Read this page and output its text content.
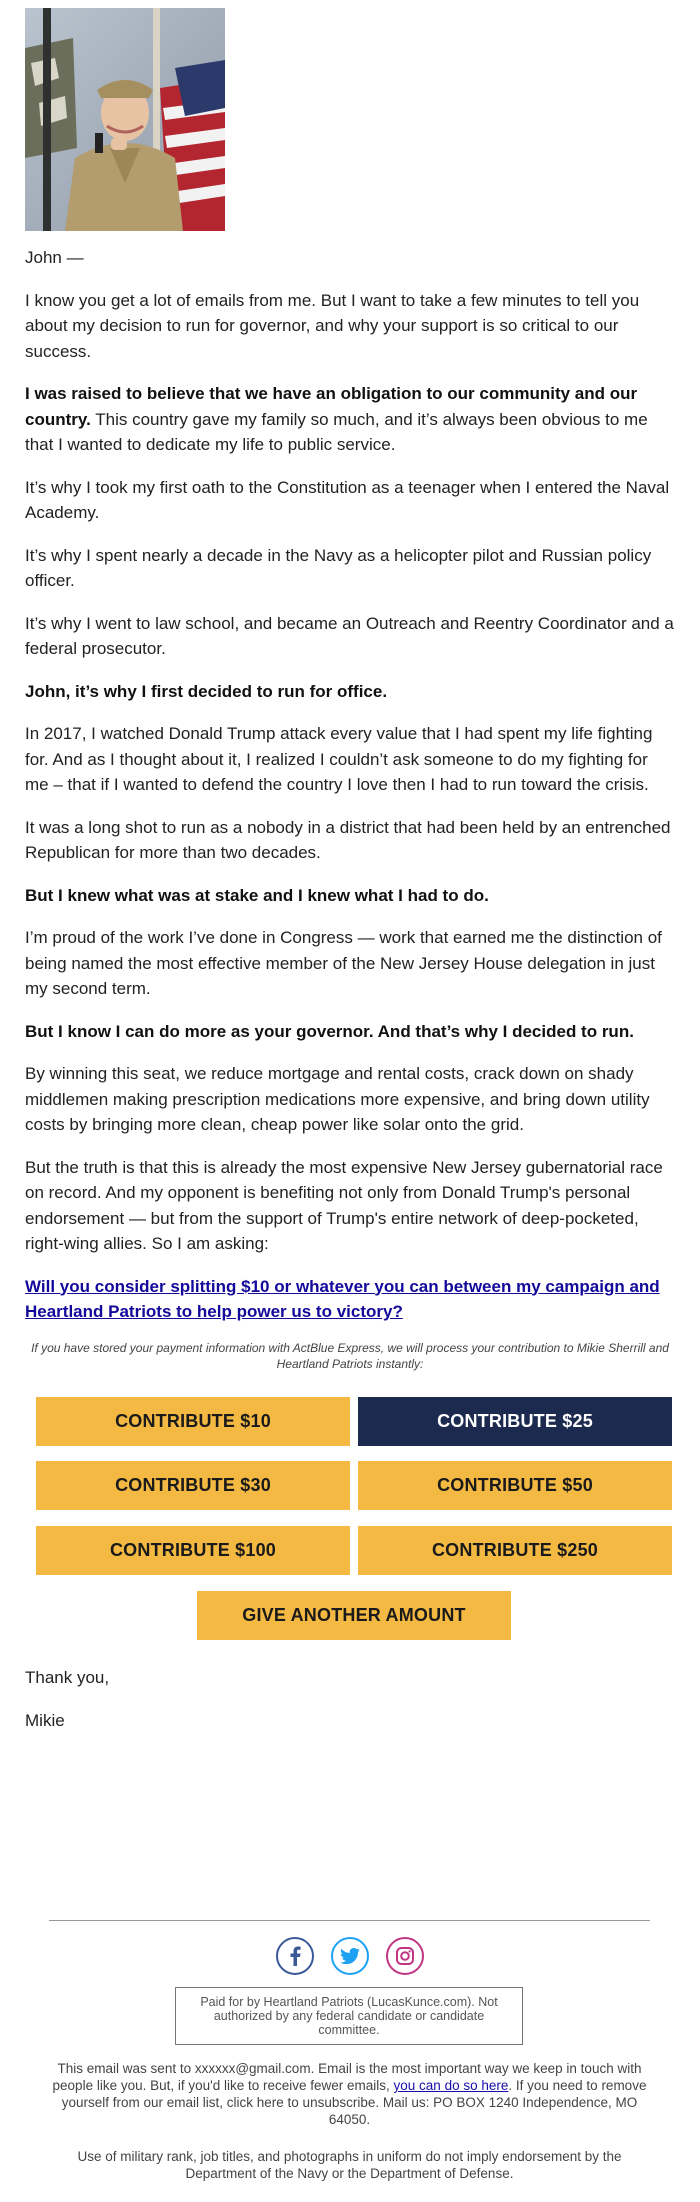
John —

I know you get a lot of emails from me. But I want to take a few minutes to tell you about my decision to run for governor, and why your support is so critical to our success.

I was raised to believe that we have an obligation to our community and our country. This country gave my family so much, and it’s always been obvious to me that I wanted to dedicate my life to public service.

It’s why I took my first oath to the Constitution as a teenager when I entered the Naval Academy.

It’s why I spent nearly a decade in the Navy as a helicopter pilot and Russian policy officer.

It’s why I went to law school, and became an Outreach and Reentry Coordinator and a federal prosecutor.

John, it’s why I first decided to run for office.

In 2017, I watched Donald Trump attack every value that I had spent my life fighting for. And as I thought about it, I realized I couldn’t ask someone to do my fighting for me – that if I wanted to defend the country I love then I had to run toward the crisis.

It was a long shot to run as a nobody in a district that had been held by an entrenched Republican for more than two decades.

But I knew what was at stake and I knew what I had to do.

I’m proud of the work I’ve done in Congress — work that earned me the distinction of being named the most effective member of the New Jersey House delegation in just my second term.

But I know I can do more as your governor. And that’s why I decided to run.

By winning this seat, we reduce mortgage and rental costs, crack down on shady middlemen making prescription medications more expensive, and bring down utility costs by bringing more clean, cheap power like solar onto the grid.

But the truth is that this is already the most expensive New Jersey gubernatorial race on record. And my opponent is benefiting not only from Donald Trump's personal endorsement — but from the support of Trump's entire network of deep-pocketed, right-wing allies. So I am asking:

Will you consider splitting $10 or whatever you can between my campaign and Heartland Patriots to help power us to victory?
If you have stored your payment information with ActBlue Express, we will process your contribution to Mikie Sherrill and Heartland Patriots instantly:
CONTRIBUTE $10	CONTRIBUTE $25
CONTRIBUTE $30	CONTRIBUTE $50
CONTRIBUTE $100	CONTRIBUTE $250
GIVE ANOTHER AMOUNT

Thank you,

Mikie

Paid for by Heartland Patriots (LucasKunce.com). Not authorized by any federal candidate or candidate committee.
This email was sent to xxxxxx@gmail.com. Email is the most important way we keep in touch with people like you. But, if you'd like to receive fewer emails, you can do so here. If you need to remove yourself from our email list, click here to unsubscribe. Mail us: PO BOX 1240 Independence, MO 64050.
Use of military rank, job titles, and photographs in uniform do not imply endorsement by the Department of the Navy or the Department of Defense.
